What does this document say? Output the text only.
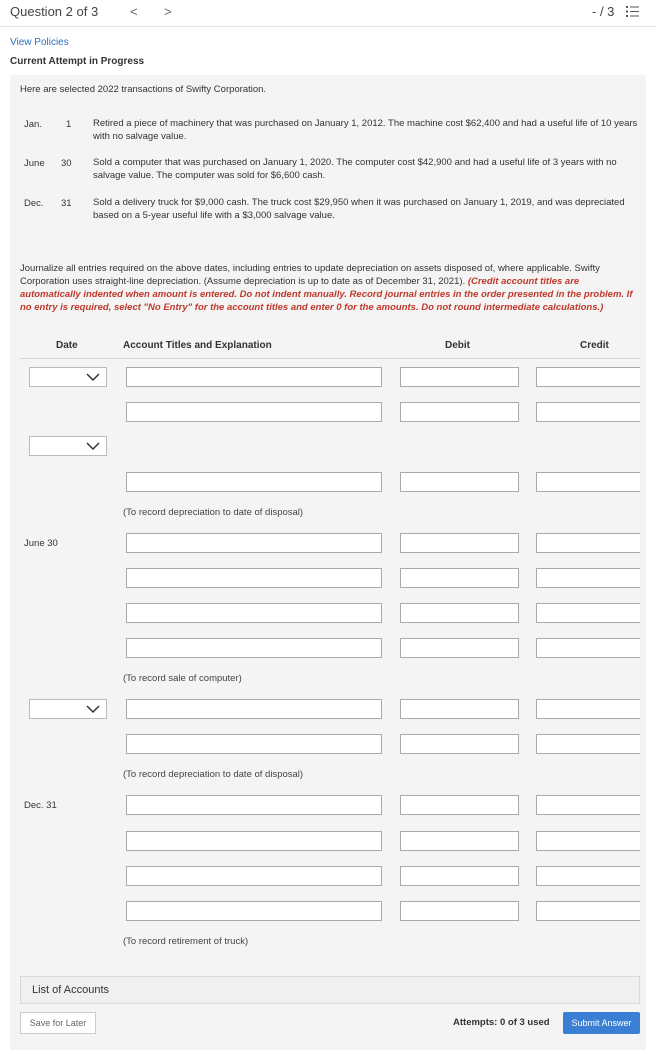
Question 2 of 3 < >	- / 3
View Policies
Current Attempt in Progress
Here are selected 2022 transactions of Swifty Corporation.
Jan.	1 Retired a piece of machinery that was purchased on January 1, 2012. The machine cost $62,400 and had a useful life of 10 years with no salvage value.
June 30 Sold a computer that was purchased on January 1, 2020. The computer cost $42,900 and had a useful life of 3 years with no salvage value. The computer was sold for $6,600 cash.
Dec. 31 Sold a delivery truck for $9,000 cash. The truck cost $29,950 when it was purchased on January 1, 2019, and was depreciated based on a 5-year useful life with a $3,000 salvage value.
Journalize all entries required on the above dates, including entries to update depreciation on assets disposed of, where applicable. Swifty Corporation uses straight-line depreciation. (Assume depreciation is up to date as of December 31, 2021). (Credit account titles are automatically indented when amount is entered. Do not indent manually. Record journal entries in the order presented in the problem. If no entry is required, select "No Entry" for the account titles and enter 0 for the amounts. Do not round intermediate calculations.)
Date	Account Titles and Explanation	Debit	Credit
June 30
Dec. 31
(To record depreciation to date of disposal)
(To record sale of computer)
(To record depreciation to date of disposal)
(To record retirement of truck)
List of Accounts
Save for Later	Attempts: 0 of 3 used	Submit Answer
